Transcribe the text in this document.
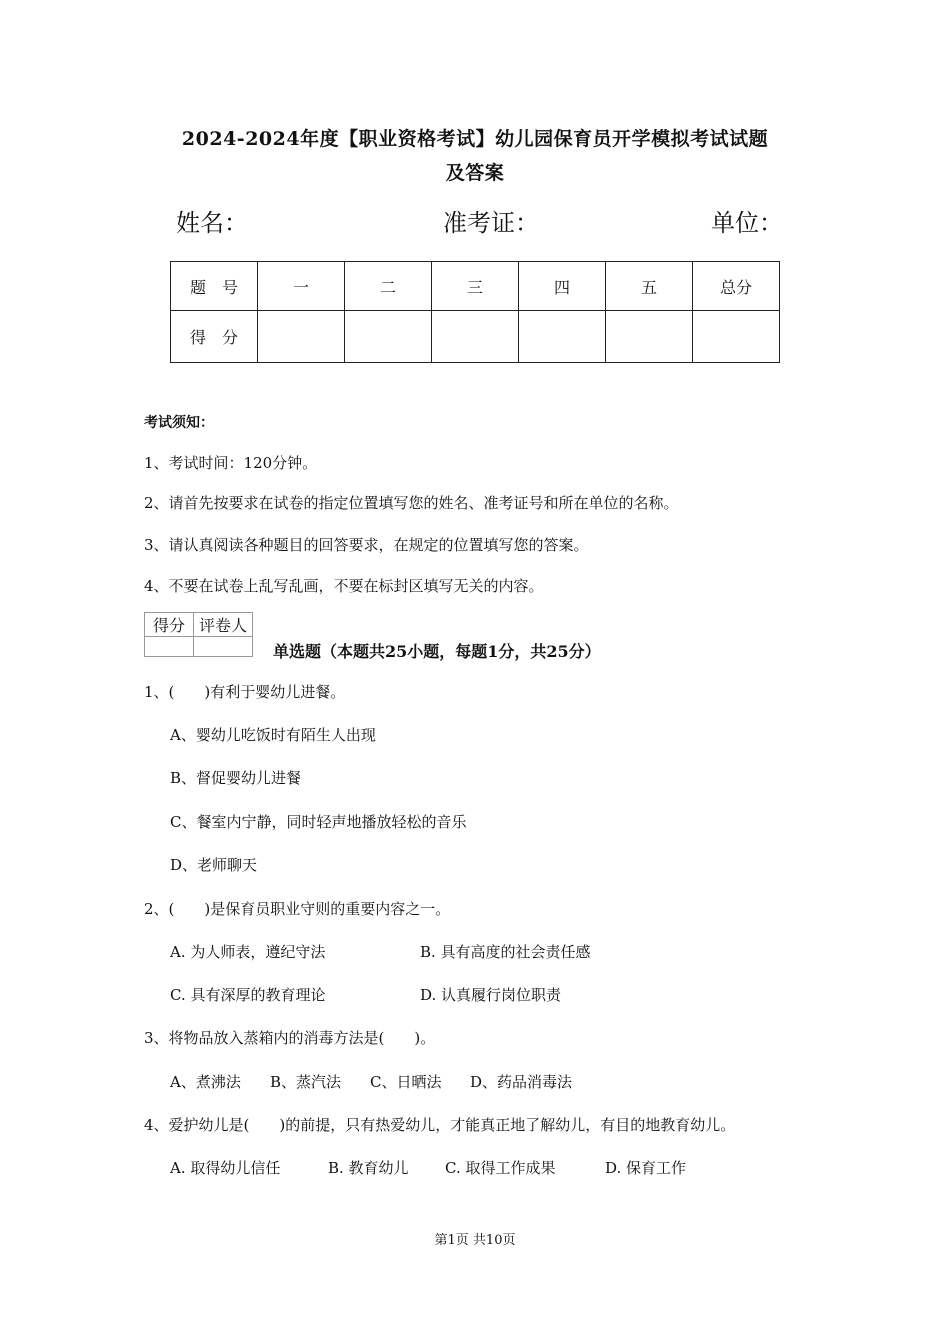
2024-2024年度【职业资格考试】幼儿园保育员开学模拟考试试题
及答案
姓名：	准考证：	单位：
题　号	一	二	三	四	五	总分
得　分						
考试须知：
1、考试时间：120分钟。
2、请首先按要求在试卷的指定位置填写您的姓名、准考证号和所在单位的名称。
3、请认真阅读各种题目的回答要求，在规定的位置填写您的答案。
4、不要在试卷上乱写乱画，不要在标封区填写无关的内容。
得分	评卷人

单选题（本题共25小题，每题1分，共25分）
1、(　　)有利于婴幼儿进餐。
A、婴幼儿吃饭时有陌生人出现
B、督促婴幼儿进餐
C、餐室内宁静，同时轻声地播放轻松的音乐
D、老师聊天
2、(　　)是保育员职业守则的重要内容之一。
A. 为人师表，遵纪守法	B. 具有高度的社会责任感
C. 具有深厚的教育理论	D. 认真履行岗位职责
3、将物品放入蒸箱内的消毒方法是(　　)。
A、煮沸法 B、蒸汽法 C、日晒法 D、药品消毒法
4、爱护幼儿是(　　)的前提，只有热爱幼儿，才能真正地了解幼儿，有目的地教育幼儿。
A. 取得幼儿信任	B. 教育幼儿 C. 取得工作成果	D. 保育工作
第1页 共10页
